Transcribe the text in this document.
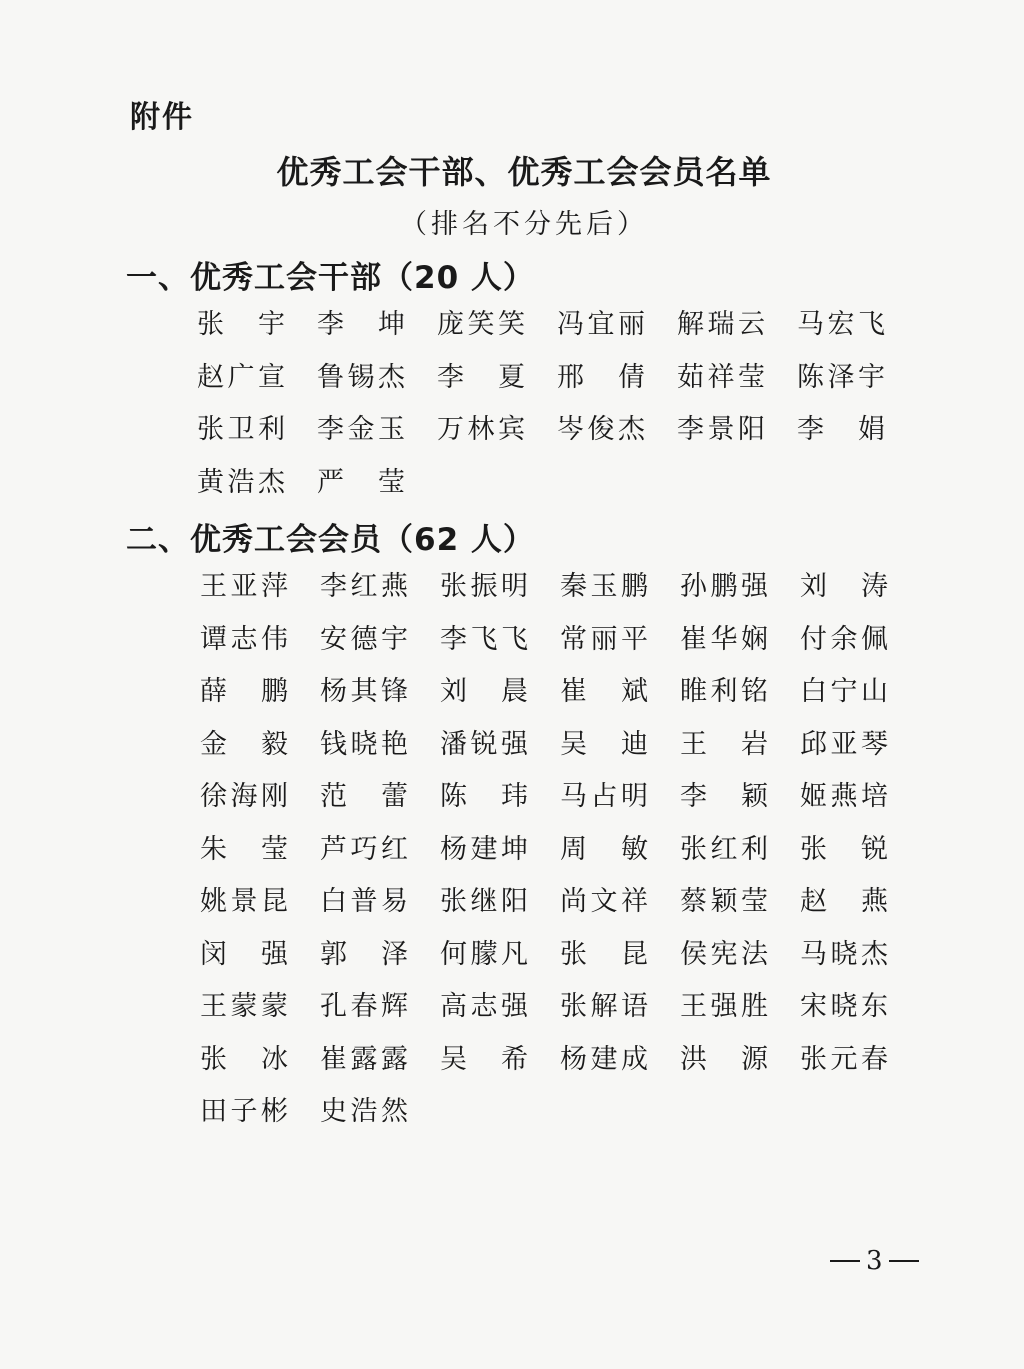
附件
优秀工会干部、优秀工会会员名单
（排名不分先后）
一、优秀工会干部（20 人）
张 宇 李 坤 庞 笑 笑 冯 宜 丽 解 瑞 云 马 宏 飞
赵 广 宣 鲁 锡 杰 李 夏 邢 倩 茹 祥 莹 陈 泽 宇
张 卫 利 李 金 玉 万 林 宾 岑 俊 杰 李 景 阳 李 娟
黄 浩 杰 严 莹
二、优秀工会会员（62 人）
王 亚 萍 李 红 燕 张 振 明 秦 玉 鹏 孙 鹏 强 刘 涛
谭 志 伟 安 德 宇 李 飞 飞 常 丽 平 崔 华 娴 付 余 佩
薛 鹏 杨 其 锋 刘 晨 崔 斌 睢 利 铭 白 宁 山
金 毅 钱 晓 艳 潘 锐 强 吴 迪 王 岩 邱 亚 琴
徐 海 刚 范 蕾 陈 玮 马 占 明 李 颖 姬 燕 培
朱 莹 芦 巧 红 杨 建 坤 周 敏 张 红 利 张 锐
姚 景 昆 白 普 易 张 继 阳 尚 文 祥 蔡 颖 莹 赵 燕
闵 强 郭 泽 何 朦 凡 张 昆 侯 宪 法 马 晓 杰
王 蒙 蒙 孔 春 辉 高 志 强 张 解 语 王 强 胜 宋 晓 东
张 冰 崔 露 露 吴 希 杨 建 成 洪 源 张 元 春
田 子 彬 史 浩 然
3
